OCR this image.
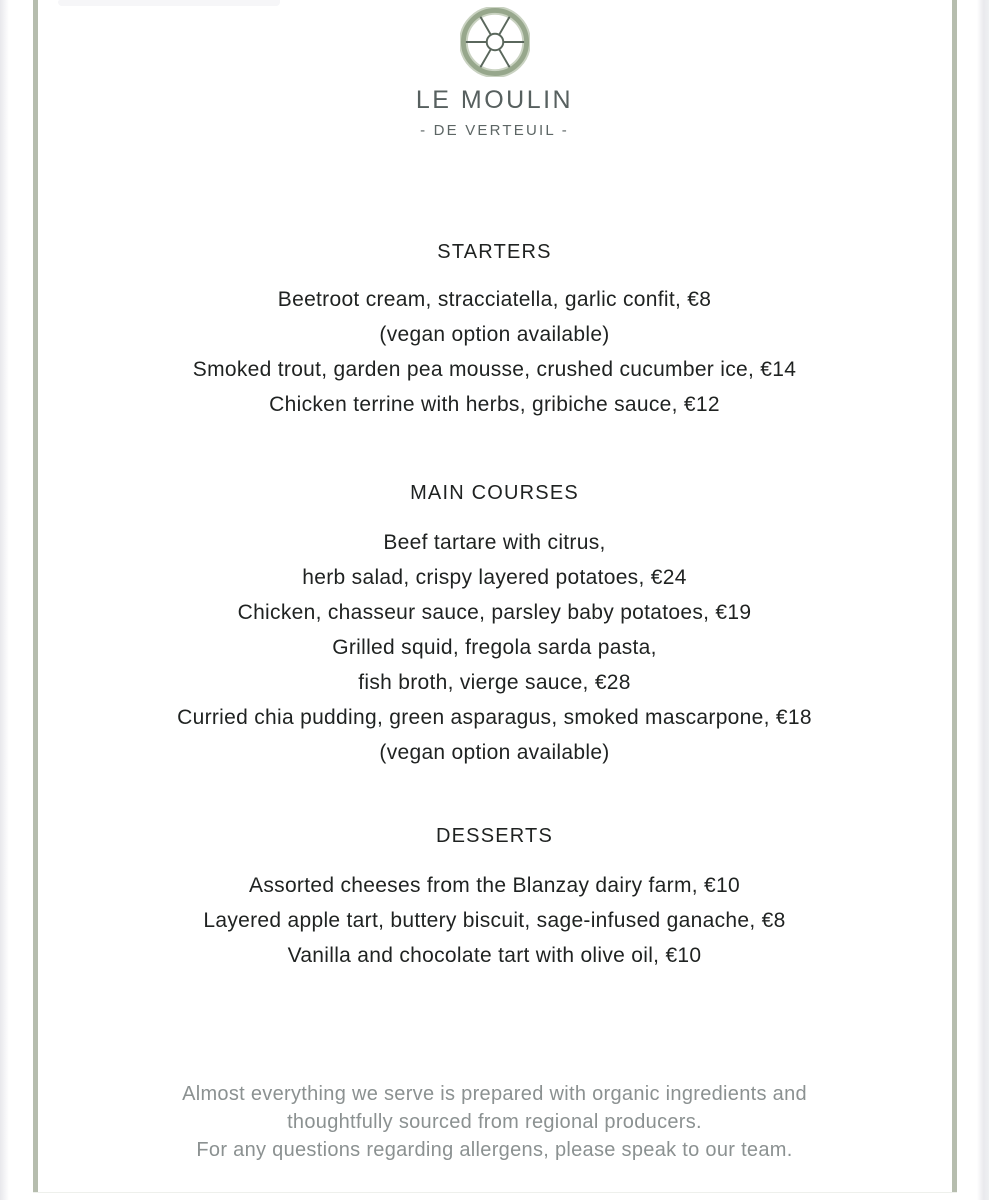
LE MOULIN
- DE VERTEUIL -
STARTERS
Beetroot cream, stracciatella, garlic confit, €8
(vegan option available)
Smoked trout, garden pea mousse, crushed cucumber ice, €14
Chicken terrine with herbs, gribiche sauce, €12
MAIN COURSES
Beef tartare with citrus,
herb salad, crispy layered potatoes, €24
Chicken, chasseur sauce, parsley baby potatoes, €19
Grilled squid, fregola sarda pasta,
fish broth, vierge sauce, €28
Curried chia pudding, green asparagus, smoked mascarpone, €18
(vegan option available)
DESSERTS
Assorted cheeses from the Blanzay dairy farm, €10
Layered apple tart, buttery biscuit, sage-infused ganache, €8
Vanilla and chocolate tart with olive oil, €10
Almost everything we serve is prepared with organic ingredients and
thoughtfully sourced from regional producers.
For any questions regarding allergens, please speak to our team.
